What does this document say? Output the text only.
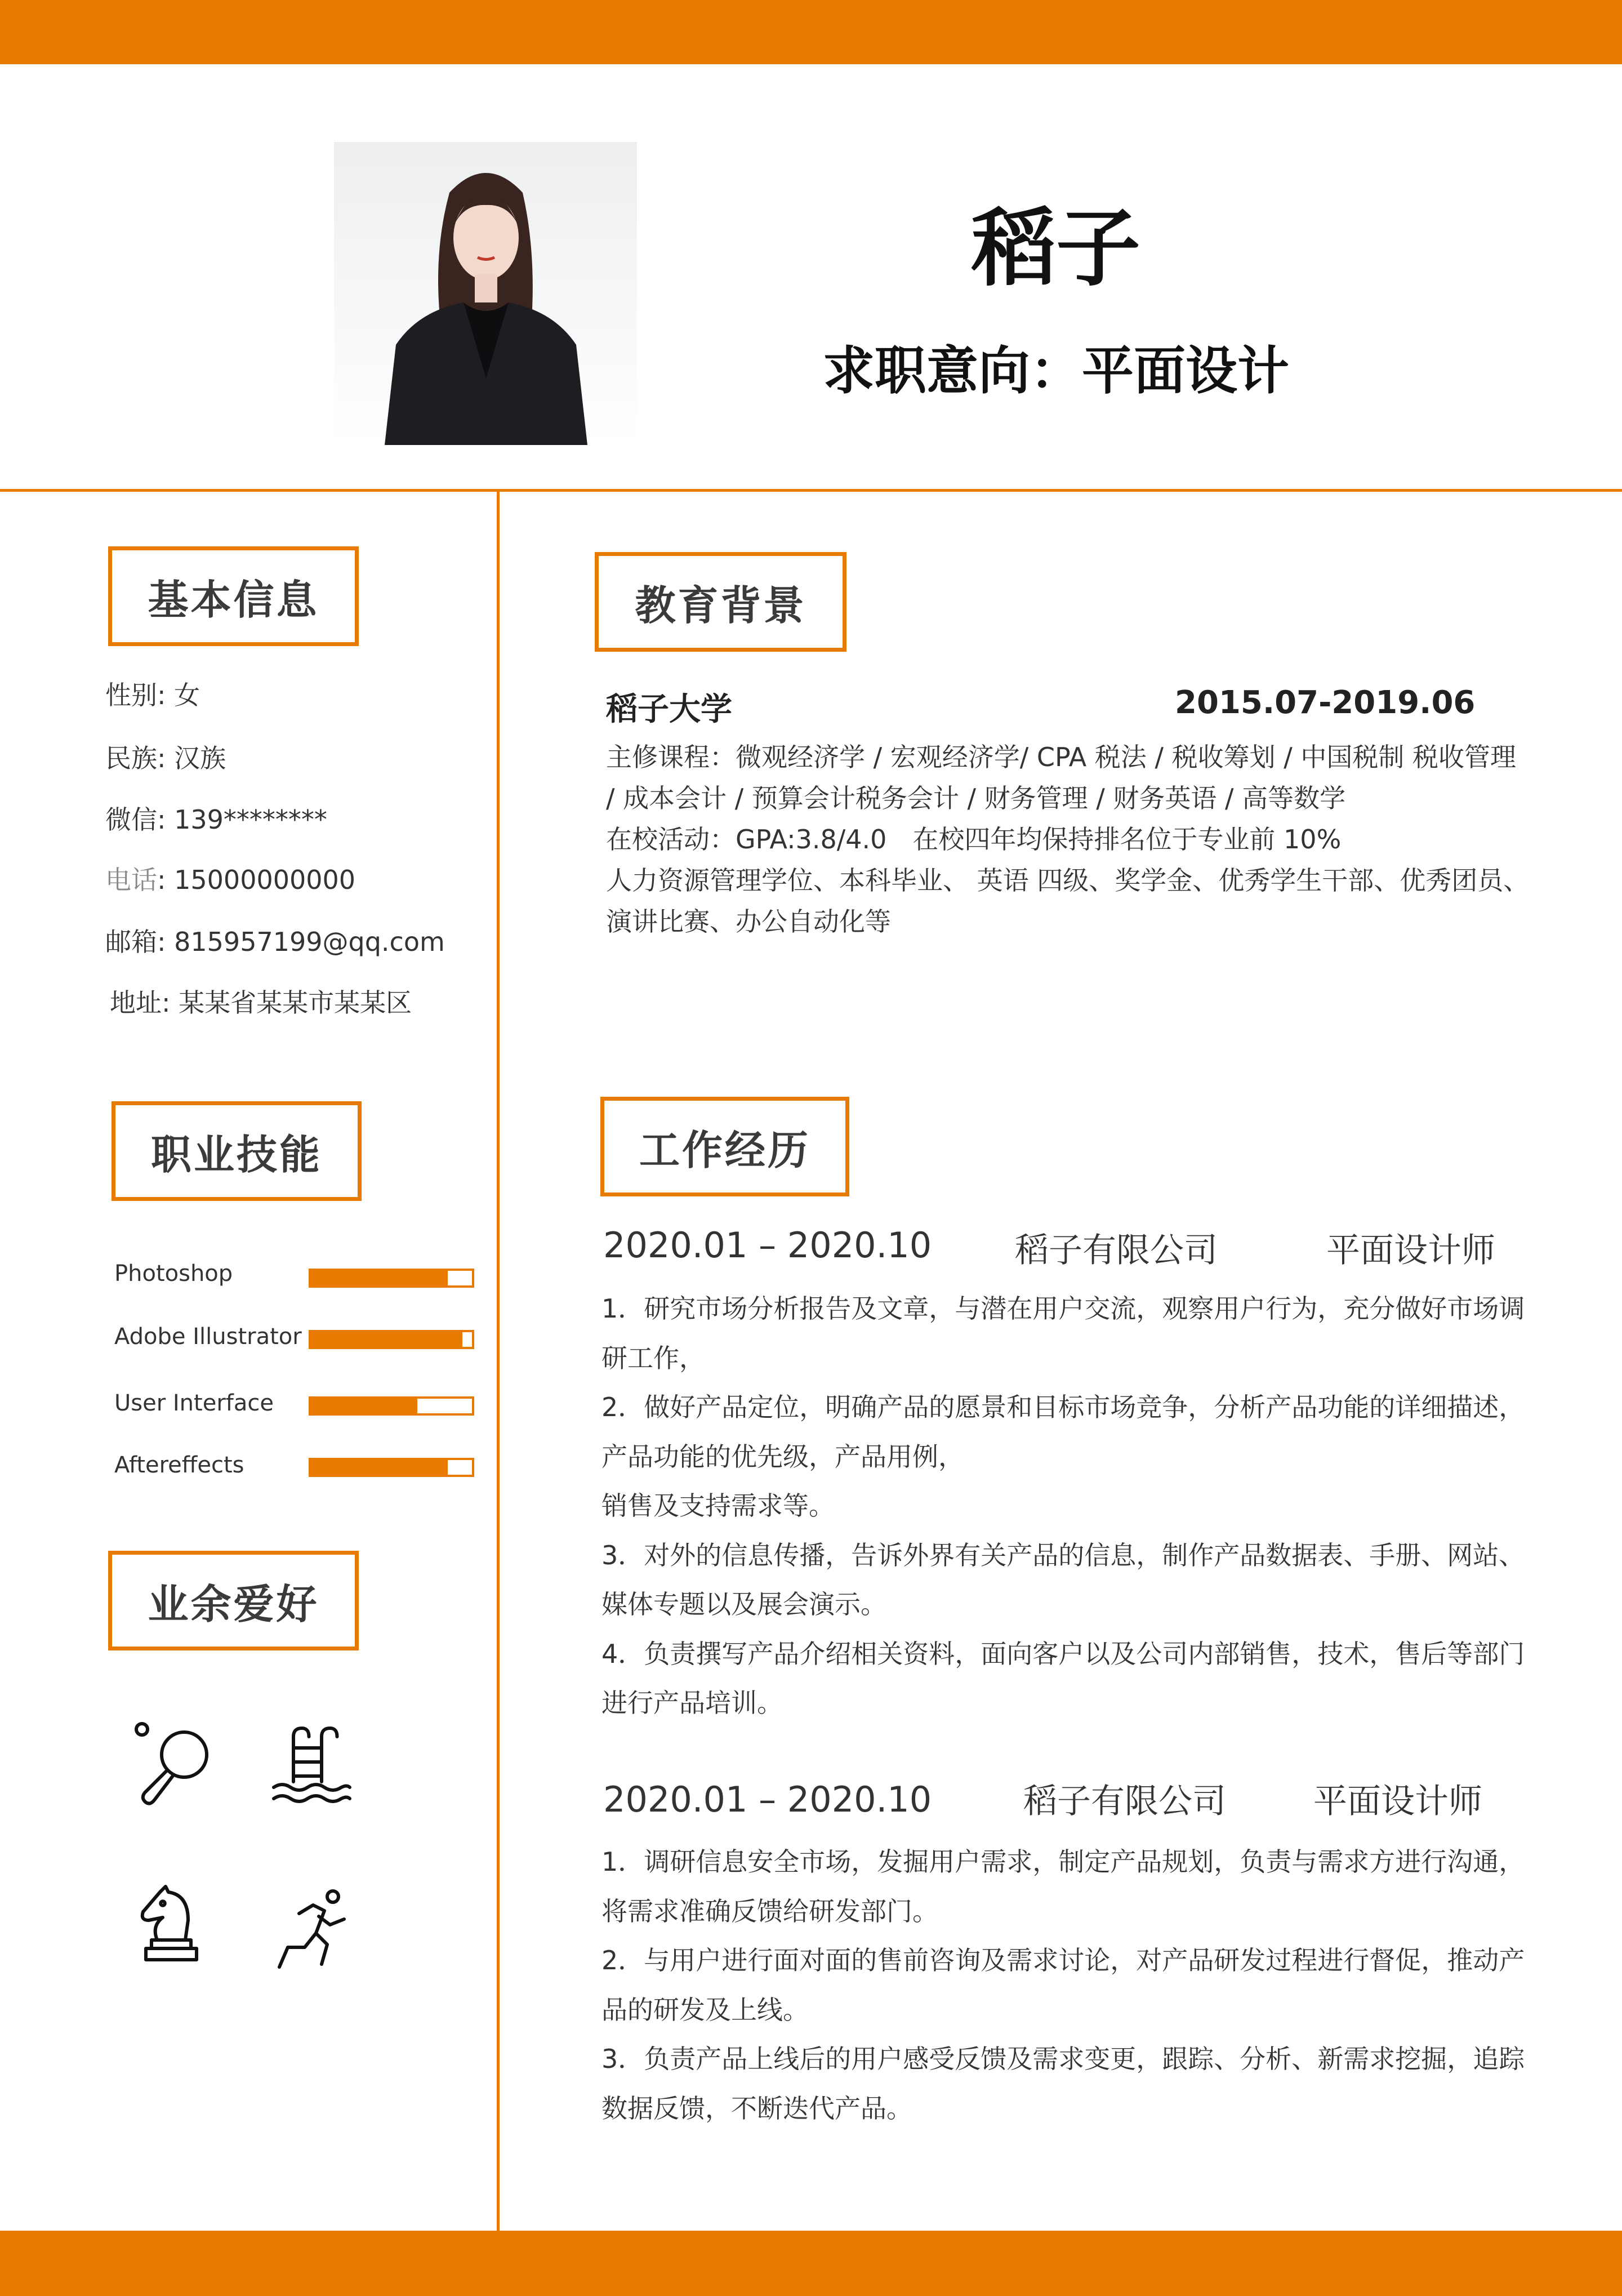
稻子
求职意向：平面设计
基本信息
性别: 女
民族: 汉族
微信: 139********
电话: 15000000000
邮箱: 815957199@qq.com
地址: 某某省某某市某某区
职业技能
Photoshop
Adobe Illustrator
User Interface
Aftereffects
业余爱好
教育背景
稻子大学	2015.07-2019.06
主修课程：微观经济学 / 宏观经济学/ CPA 税法 / 税收筹划 / 中国税制 税收管理 / 成本会计 / 预算会计税务会计 / 财务管理 / 财务英语 / 高等数学
在校活动：GPA:3.8/4.0　在校四年均保持排名位于专业前 10%
人力资源管理学位、本科毕业、 英语 四级、奖学金、优秀学生干部、优秀团员、演讲比赛、办公自动化等
工作经历
2020.01 – 2020.10 稻子有限公司	平面设计师
1．研究市场分析报告及文章，与潜在用户交流，观察用户行为，充分做好市场调研工作，
2．做好产品定位，明确产品的愿景和目标市场竞争，分析产品功能的详细描述，产品功能的优先级，产品用例，
销售及支持需求等。
3．对外的信息传播，告诉外界有关产品的信息，制作产品数据表、手册、网站、媒体专题以及展会演示。
4．负责撰写产品介绍相关资料，面向客户以及公司内部销售，技术，售后等部门进行产品培训。
2020.01 – 2020.10	稻子有限公司	平面设计师
1．调研信息安全市场，发掘用户需求，制定产品规划，负责与需求方进行沟通，将需求准确反馈给研发部门。
2．与用户进行面对面的售前咨询及需求讨论，对产品研发过程进行督促，推动产品的研发及上线。
3．负责产品上线后的用户感受反馈及需求变更，跟踪、分析、新需求挖掘，追踪数据反馈，不断迭代产品。
